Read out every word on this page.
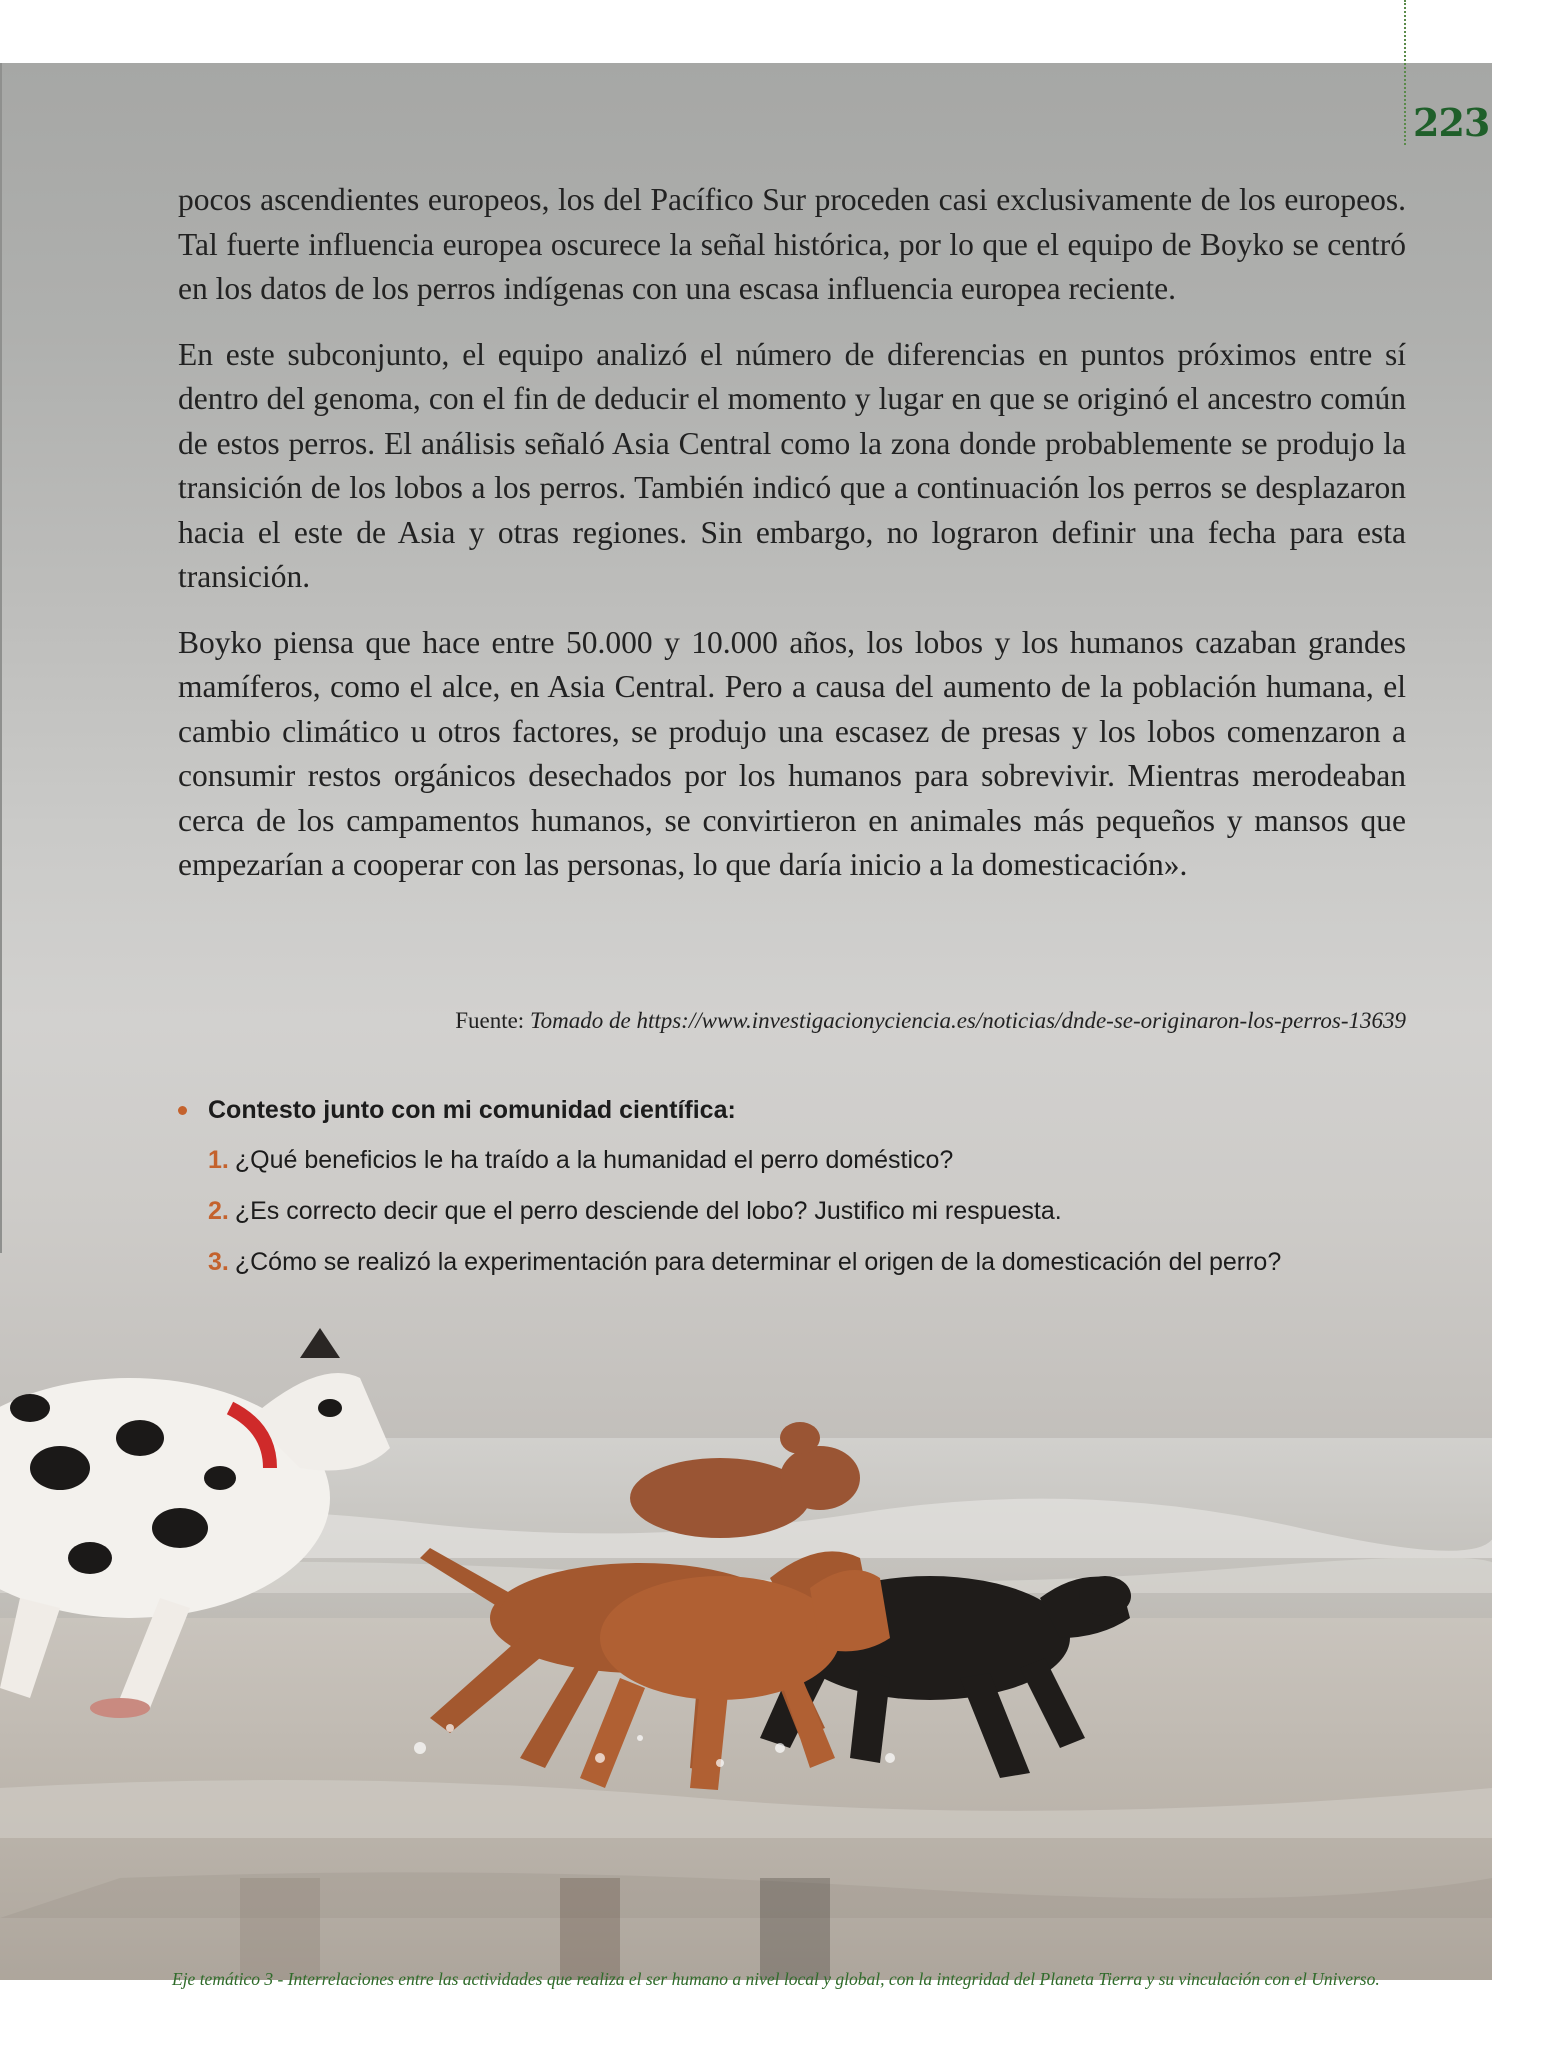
223

pocos ascendientes europeos, los del Pacífico Sur proceden casi exclusivamente de los europeos. Tal fuerte influencia europea oscurece la señal histórica, por lo que el equipo de Boyko se centró en los datos de los perros indígenas con una escasa influencia europea reciente.

En este subconjunto, el equipo analizó el número de diferencias en puntos próximos entre sí dentro del genoma, con el fin de deducir el momento y lugar en que se originó el ancestro común de estos perros. El análisis señaló Asia Central como la zona donde probablemente se produjo la transición de los lobos a los perros. También indicó que a continuación los perros se desplazaron hacia el este de Asia y otras regiones. Sin embargo, no lograron definir una fecha para esta transición.

Boyko piensa que hace entre 50.000 y 10.000 años, los lobos y los humanos cazaban grandes mamíferos, como el alce, en Asia Central. Pero a causa del aumento de la población humana, el cambio climático u otros factores, se produjo una escasez de presas y los lobos comenzaron a consumir restos orgánicos desechados por los humanos para sobrevivir. Mientras merodeaban cerca de los campamentos humanos, se convirtieron en animales más pequeños y mansos que empezarían a cooperar con las personas, lo que daría inicio a la domesticación».

Fuente: Tomado de https://www.investigacionyciencia.es/noticias/dnde-se-originaron-los-perros-13639
Contesto junto con mi comunidad científica:
1. ¿Qué beneficios le ha traído a la humanidad el perro doméstico?
2. ¿Es correcto decir que el perro desciende del lobo? Justifico mi respuesta.
3. ¿Cómo se realizó la experimentación para determinar el origen de la domesticación del perro?
Eje temático 3 - Interrelaciones entre las actividades que realiza el ser humano a nivel local y global, con la integridad del Planeta Tierra y su vinculación con el Universo.
